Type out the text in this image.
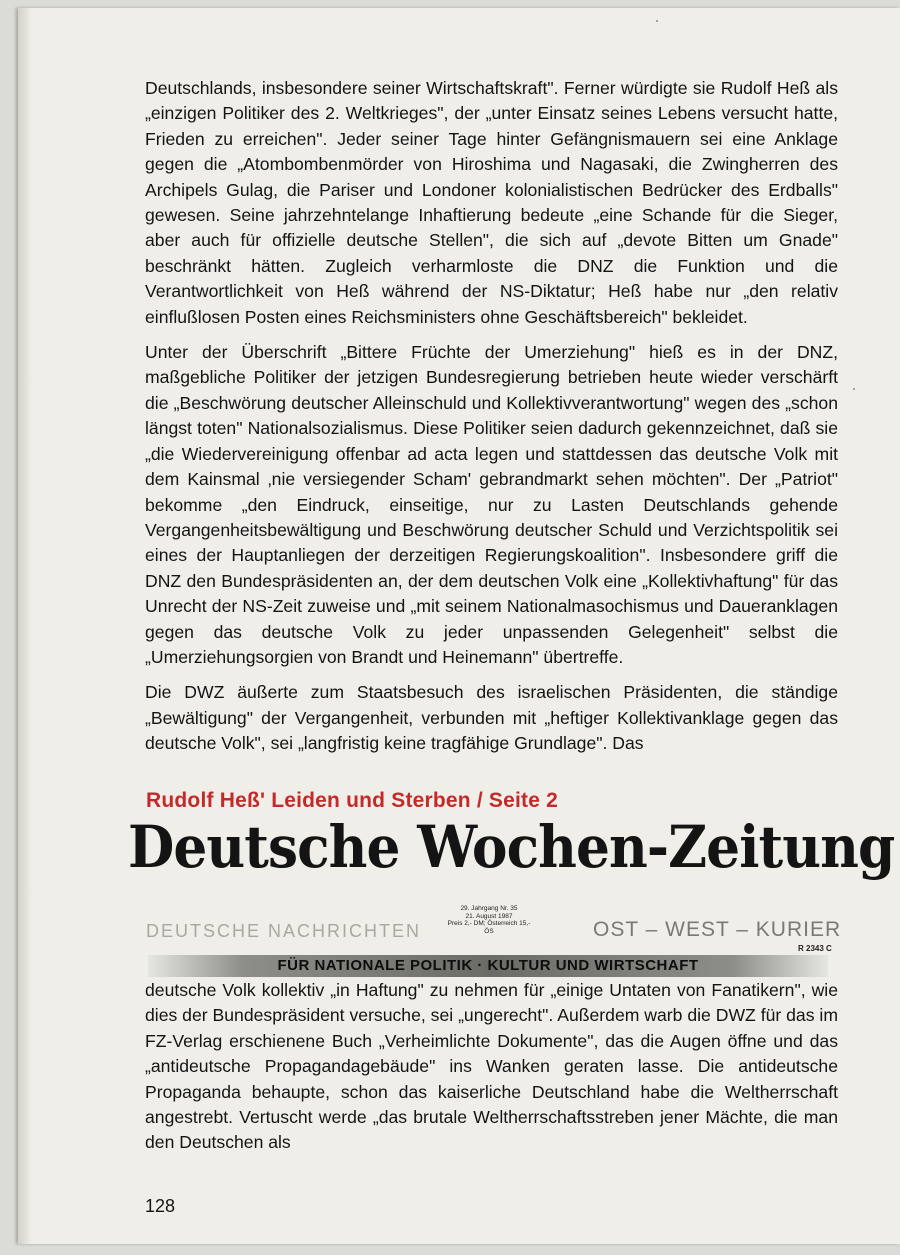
Deutschlands, insbesondere seiner Wirtschaftskraft". Ferner würdigte sie Rudolf Heß als „einzigen Politiker des 2. Weltkrieges", der „unter Einsatz seines Lebens versucht hatte, Frieden zu erreichen". Jeder seiner Tage hinter Gefängnismauern sei eine Anklage gegen die „Atombombenmörder von Hiroshima und Nagasaki, die Zwingherren des Archipels Gulag, die Pariser und Londoner kolonialistischen Bedrücker des Erdballs" gewesen. Seine jahrzehntelange Inhaftierung bedeute „eine Schande für die Sieger, aber auch für offizielle deutsche Stellen", die sich auf „devote Bitten um Gnade" beschränkt hätten. Zugleich verharmloste die DNZ die Funktion und die Verantwortlichkeit von Heß während der NS-Diktatur; Heß habe nur „den relativ einflußlosen Posten eines Reichsministers ohne Geschäftsbereich" bekleidet.

Unter der Überschrift „Bittere Früchte der Umerziehung" hieß es in der DNZ, maßgebliche Politiker der jetzigen Bundesregierung betrieben heute wieder verschärft die „Beschwörung deutscher Alleinschuld und Kollektivverantwortung" wegen des „schon längst toten" Nationalsozialismus. Diese Politiker seien dadurch gekennzeichnet, daß sie „die Wiedervereinigung offenbar ad acta legen und stattdessen das deutsche Volk mit dem Kainsmal ‚nie versiegender Scham' gebrandmarkt sehen möchten". Der „Patriot" bekomme „den Eindruck, einseitige, nur zu Lasten Deutschlands gehende Vergangenheitsbewältigung und Beschwörung deutscher Schuld und Verzichtspolitik sei eines der Hauptanliegen der derzeitigen Regierungskoalition". Insbesondere griff die DNZ den Bundespräsidenten an, der dem deutschen Volk eine „Kollektivhaftung" für das Unrecht der NS-Zeit zuweise und „mit seinem Nationalmasochismus und Daueranklagen gegen das deutsche Volk zu jeder unpassenden Gelegenheit" selbst die „Umerziehungsorgien von Brandt und Heinemann" übertreffe.

Die DWZ äußerte zum Staatsbesuch des israelischen Präsidenten, die ständige „Bewältigung" der Vergangenheit, verbunden mit „heftiger Kollektivanklage gegen das deutsche Volk", sei „langfristig keine tragfähige Grundlage". Das

Rudolf Heß' Leiden und Sterben / Seite 2
Deutsche Wochen-Zeitung
DEUTSCHE NACHRICHTEN
29. Jahrgang Nr. 35
21. August 1987
Preis 2,- DM; Österreich 15,- ÖS	OST – WEST – KURIER
R 2343 C
FÜR NATIONALE POLITIK · KULTUR UND WIRTSCHAFT

deutsche Volk kollektiv „in Haftung" zu nehmen für „einige Untaten von Fanatikern", wie dies der Bundespräsident versuche, sei „ungerecht". Außerdem warb die DWZ für das im FZ-Verlag erschienene Buch „Verheimlichte Dokumente", das die Augen öffne und das „antideutsche Propagandagebäude" ins Wanken geraten lasse. Die antideutsche Propaganda behaupte, schon das kaiserliche Deutschland habe die Weltherrschaft angestrebt. Vertuscht werde „das brutale Weltherrschaftsstreben jener Mächte, die man den Deutschen als

128
